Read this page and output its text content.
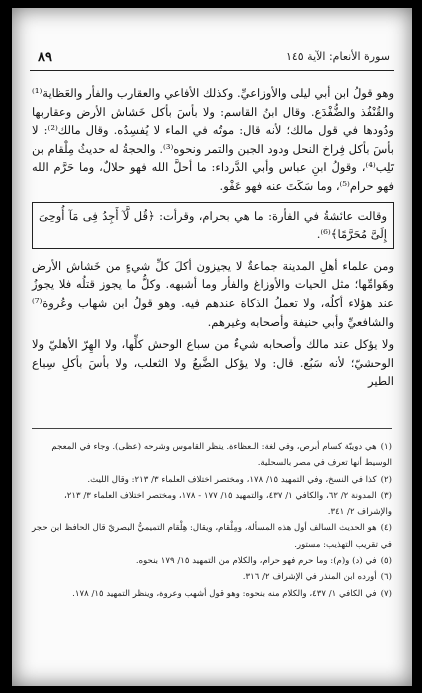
سورة الأنعام: الآية ١٤٥
٨٩

وهو قولُ ابن أبي ليلى والأوزاعيِّ. وكذلك الأفاعي والعقارب والفأر والعَظاية⁽¹⁾ والقُنْفُذ والضُّفْدَع. وقال ابنُ القاسم: ولا بأسَ بأكل خَشاش الأرض وعقاربها ودُودها في قول مالك؛ لأنه قال: موتُه في الماء لا يُفسِدُه. وقال مالك⁽²⁾: لا بأسَ بأكل فِراخ النحل ودود الجبن والتمر ونحوه⁽³⁾. والحجةُ له حديثُ مِلْقام بن تَلِب⁽⁴⁾، وقولُ ابنِ عباس وأبي الدَّرداء: ما أحلَّ الله فهو حلالٌ، وما حَرَّم الله فهو حرام⁽⁵⁾، وما سَكَتَ عنه فهو عَفْو.

وقالت عائشةُ في الفأرة: ما هي بحرام، وقرأت: ﴿قُل لَّآ أَجِدُ فِى مَآ أُوحِىَ إِلَىَّ مُحَرَّمًا﴾⁽⁶⁾.

ومن علماء أهلِ المدينة جماعةٌ لا يجيزون أكلَ كلِّ شيءٍ من خَشاش الأرض وهَوامِّها؛ مثل الحيات والأوزاغ والفأر وما أشبهه. وكلُّ ما يجوز قتلُه فلا يجوزُ عند هؤلاء أكلُه، ولا تعملُ الذكاة عندهم فيه. وهو قولُ ابن شهاب وعُروة⁽⁷⁾ والشافعيِّ وأبي حنيفة وأصحابه وغيرهم.

ولا يؤكل عند مالك وأصحابه شيءٌ من سباع الوحش كلِّها، ولا الهِرّ الأهليّ ولا الوحشيّ؛ لأنه سَبُع. قال: ولا يؤكل الضَّبعُ ولا الثعلب، ولا بأسَ بأكلِ سِباع الطير

(١)هي دويبّة كسام أبرص، وفي لغة: الـعظاءة. ينظر القاموس وشرحه (عظى). وجاء في المعجم الوسيط أنها تعرف في مصر بالسحلية.

(٢)كذا في النسخ، وفي التمهيد ١٥/ ١٧٨، ومختصر اختلاف العلماء ٣/ ٢١٣: وقال الليث.

(٣)المدونة ٢/ ٦٢، والكافي ١/ ٤٣٧، والتمهيد ١٥/ ١٧٧ - ١٧٨، ومختصر اختلاف العلماء ٣/ ٢١٣، والإشراف ٢/ ٣٤١.

(٤)هو الحديث السالف أول هذه المسألة، ومِلْقام، ويقال: هِلْقام التميميُّ البصريّ قال الحافظ ابن حجر في تقريب التهذيب: مستور.

(٥)في (د) و(م): وما حرم فهو حرام، والكلام من التمهيد ١٥/ ١٧٩ بنحوه.

(٦)أورده ابن المنذر في الإشراف ٢/ ٣١٦.

(٧)في الكافي ١/ ٤٣٧، والكلام منه بنحوه: وهو قول أشهب وعروة، وينظر التمهيد ١٥/ ١٧٨.
